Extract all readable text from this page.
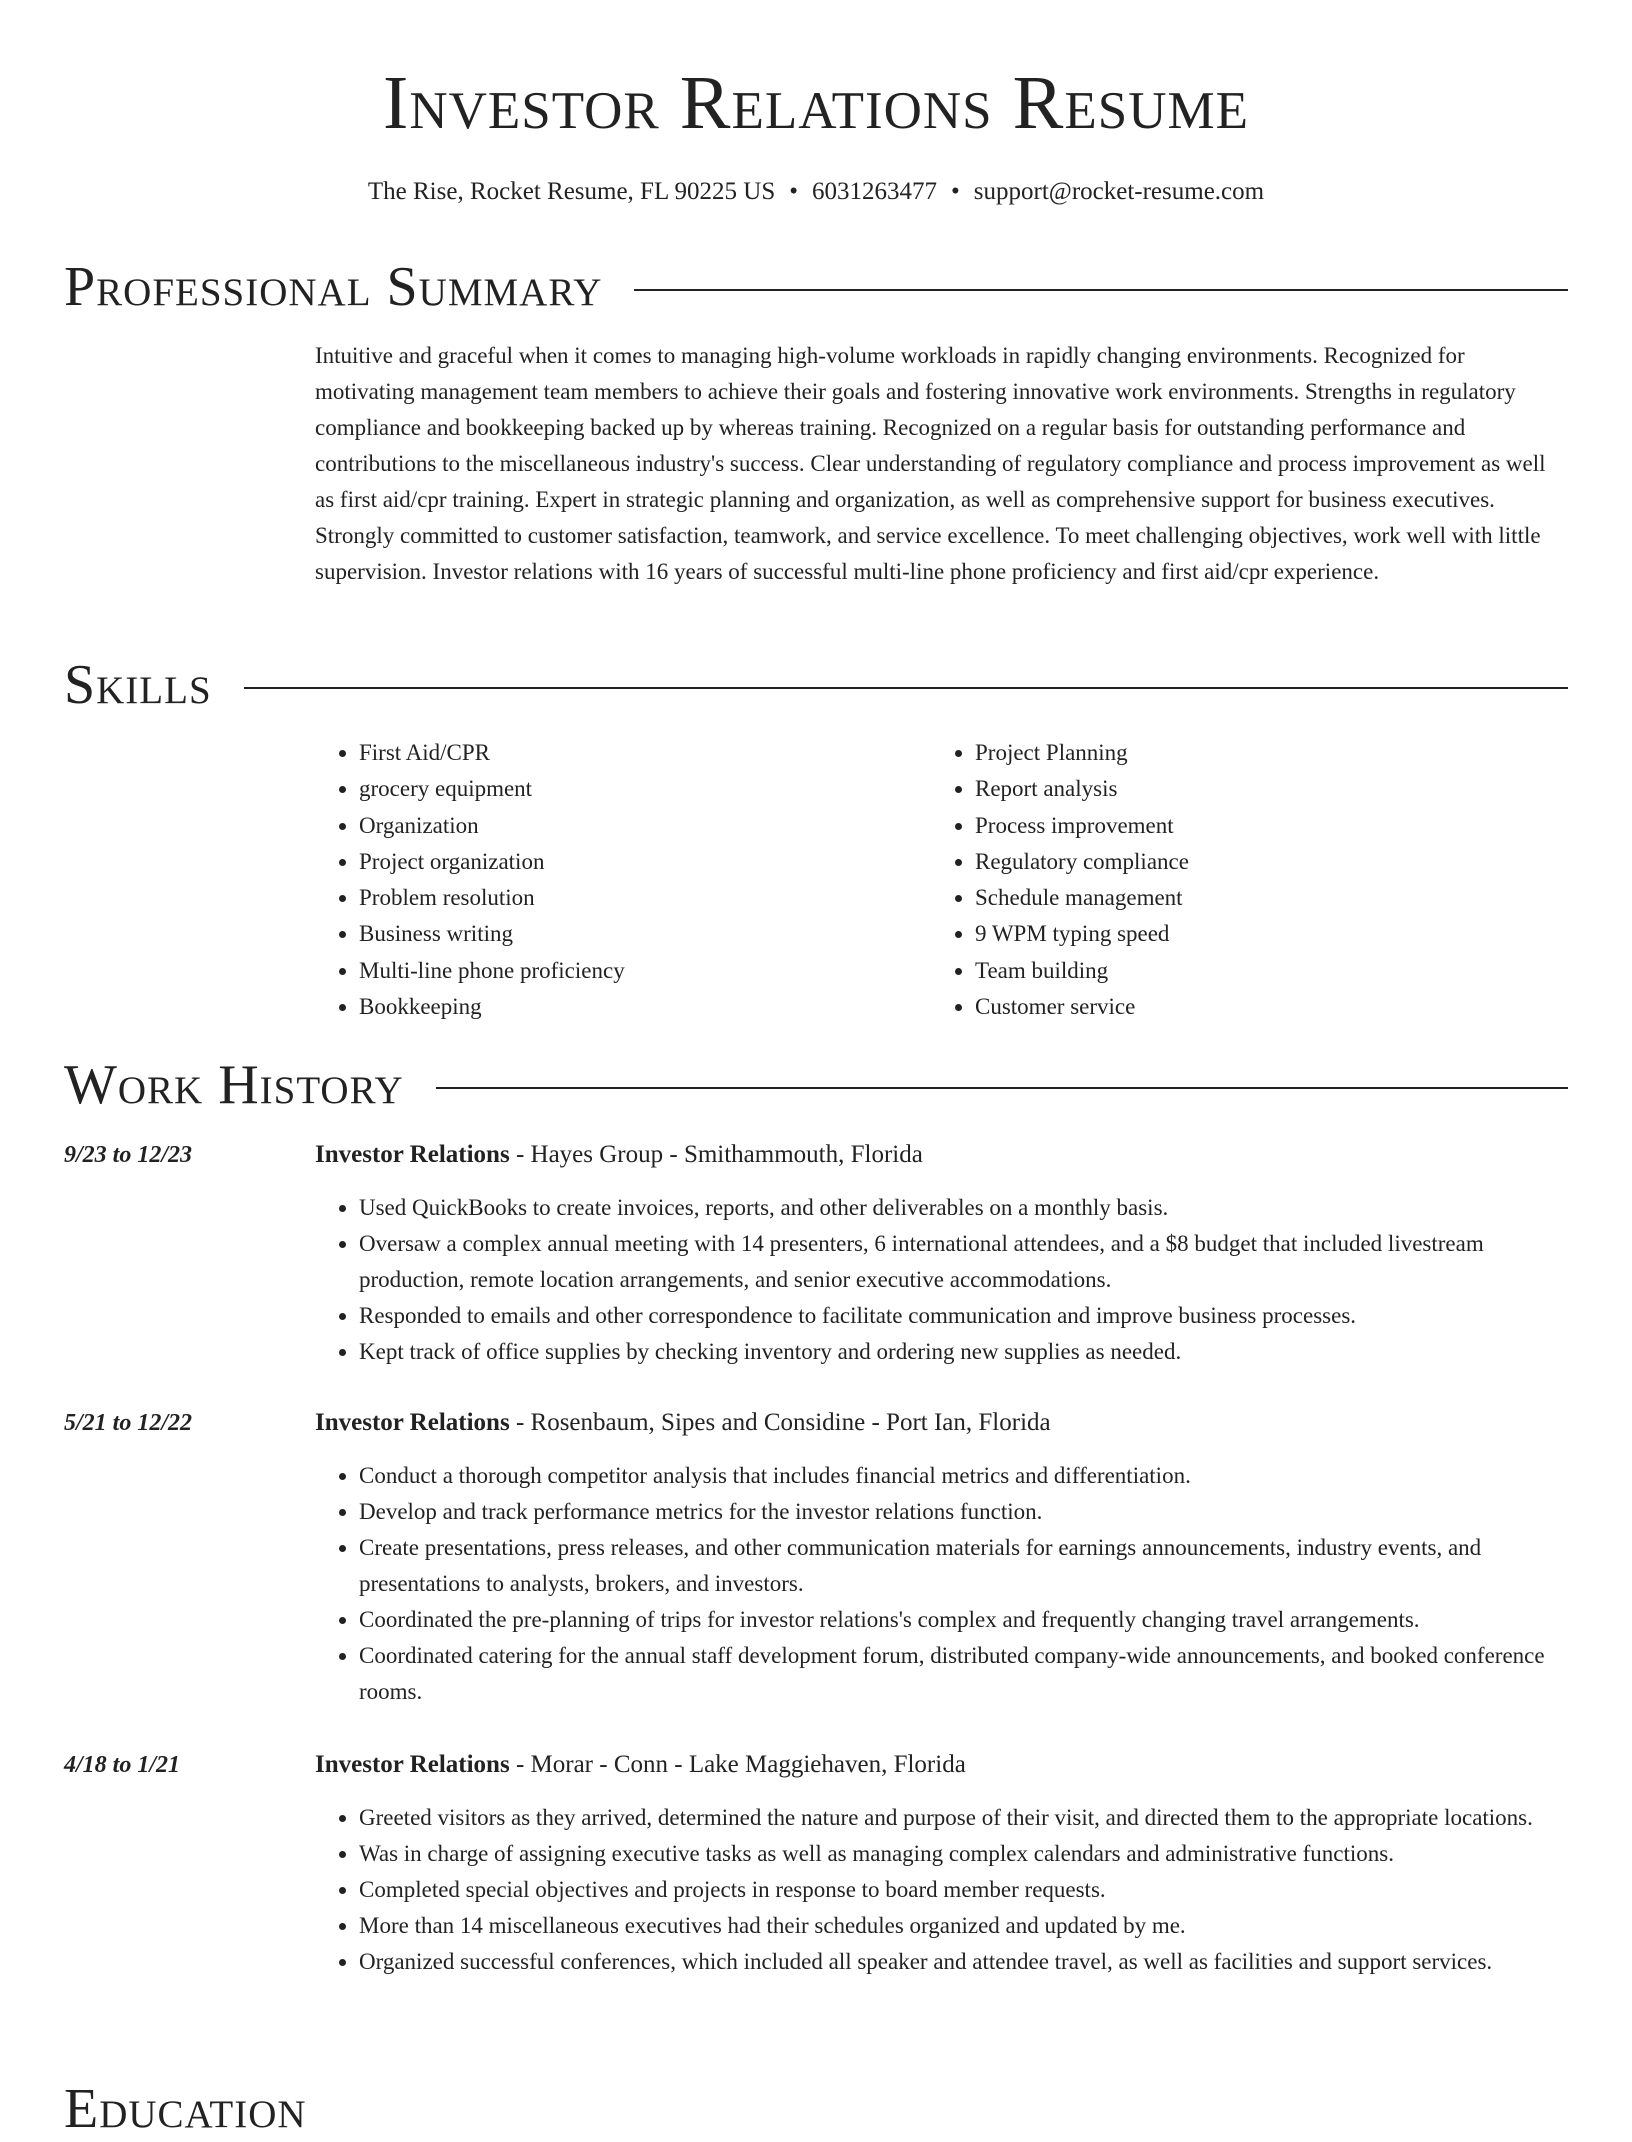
Investor Relations Resume
The Rise, Rocket Resume, FL 90225 US • 6031263477 • support@rocket-resume.com
Professional Summary

Intuitive and graceful when it comes to managing high-volume workloads in rapidly changing environments. Recognized for motivating management team members to achieve their goals and fostering innovative work environments. Strengths in regulatory compliance and bookkeeping backed up by whereas training. Recognized on a regular basis for outstanding performance and contributions to the miscellaneous industry's success. Clear understanding of regulatory compliance and process improvement as well as first aid/cpr training. Expert in strategic planning and organization, as well as comprehensive support for business executives. Strongly committed to customer satisfaction, teamwork, and service excellence. To meet challenging objectives, work well with little supervision. Investor relations with 16 years of successful multi-line phone proficiency and first aid/cpr experience.

Skills
• First Aid/CPR
• grocery equipment
• Organization
• Project organization
• Problem resolution
• Business writing
• Multi-line phone proficiency
• Bookkeeping
• Project Planning
• Report analysis
• Process improvement
• Regulatory compliance
• Schedule management
• 9 WPM typing speed
• Team building
• Customer service
Work History
9/23 to 12/23	Investor Relations - Hayes Group - Smithammouth, Florida
• Used QuickBooks to create invoices, reports, and other deliverables on a monthly basis.
• Oversaw a complex annual meeting with 14 presenters, 6 international attendees, and a $8 budget that included livestream production, remote location arrangements, and senior executive accommodations.
• Responded to emails and other correspondence to facilitate communication and improve business processes.
• Kept track of office supplies by checking inventory and ordering new supplies as needed.
5/21 to 12/22	Investor Relations - Rosenbaum, Sipes and Considine - Port Ian, Florida
• Conduct a thorough competitor analysis that includes financial metrics and differentiation.
• Develop and track performance metrics for the investor relations function.
• Create presentations, press releases, and other communication materials for earnings announcements, industry events, and presentations to analysts, brokers, and investors.
• Coordinated the pre-planning of trips for investor relations's complex and frequently changing travel arrangements.
• Coordinated catering for the annual staff development forum, distributed company-wide announcements, and booked conference rooms.
4/18 to 1/21	Investor Relations - Morar - Conn - Lake Maggiehaven, Florida
• Greeted visitors as they arrived, determined the nature and purpose of their visit, and directed them to the appropriate locations.
• Was in charge of assigning executive tasks as well as managing complex calendars and administrative functions.
• Completed special objectives and projects in response to board member requests.
• More than 14 miscellaneous executives had their schedules organized and updated by me.
• Organized successful conferences, which included all speaker and attendee travel, as well as facilities and support services.
Education
